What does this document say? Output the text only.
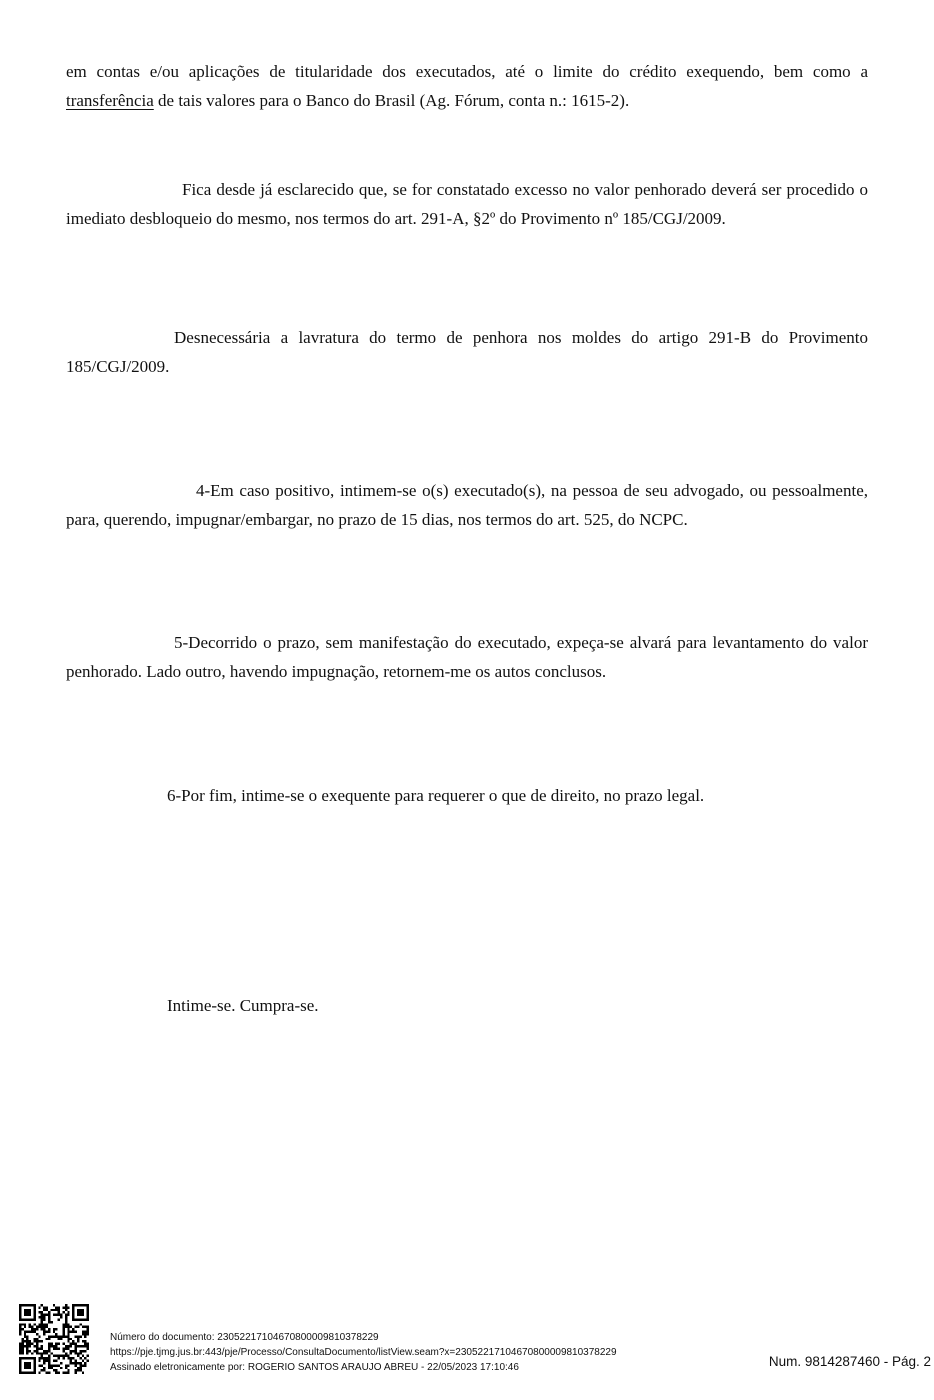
em contas e/ou aplicações de titularidade dos executados, até o limite do crédito exequendo, bem como a transferência de tais valores para o Banco do Brasil (Ag. Fórum, conta n.: 1615-2).

Fica desde já esclarecido que, se for constatado excesso no valor penhorado deverá ser procedido o imediato desbloqueio do mesmo, nos termos do art. 291-A, §2º do Provimento nº 185/CGJ/2009.

Desnecessária a lavratura do termo de penhora nos moldes do artigo 291-B do Provimento 185/CGJ/2009.

4-Em caso positivo, intimem-se o(s) executado(s), na pessoa de seu advogado, ou pessoalmente, para, querendo, impugnar/embargar, no prazo de 15 dias, nos termos do art. 525, do NCPC.

5-Decorrido o prazo, sem manifestação do executado, expeça-se alvará para levantamento do valor penhorado. Lado outro, havendo impugnação, retornem-me os autos conclusos.

6-Por fim, intime-se o exequente para requerer o que de direito, no prazo legal.

Intime-se. Cumpra-se.

Número do documento: 23052217104670800009810378229
https://pje.tjmg.jus.br:443/pje/Processo/ConsultaDocumento/listView.seam?x=23052217104670800009810378229
Assinado eletronicamente por: ROGERIO SANTOS ARAUJO ABREU - 22/05/2023 17:10:46	Num. 9814287460 - Pág. 2
